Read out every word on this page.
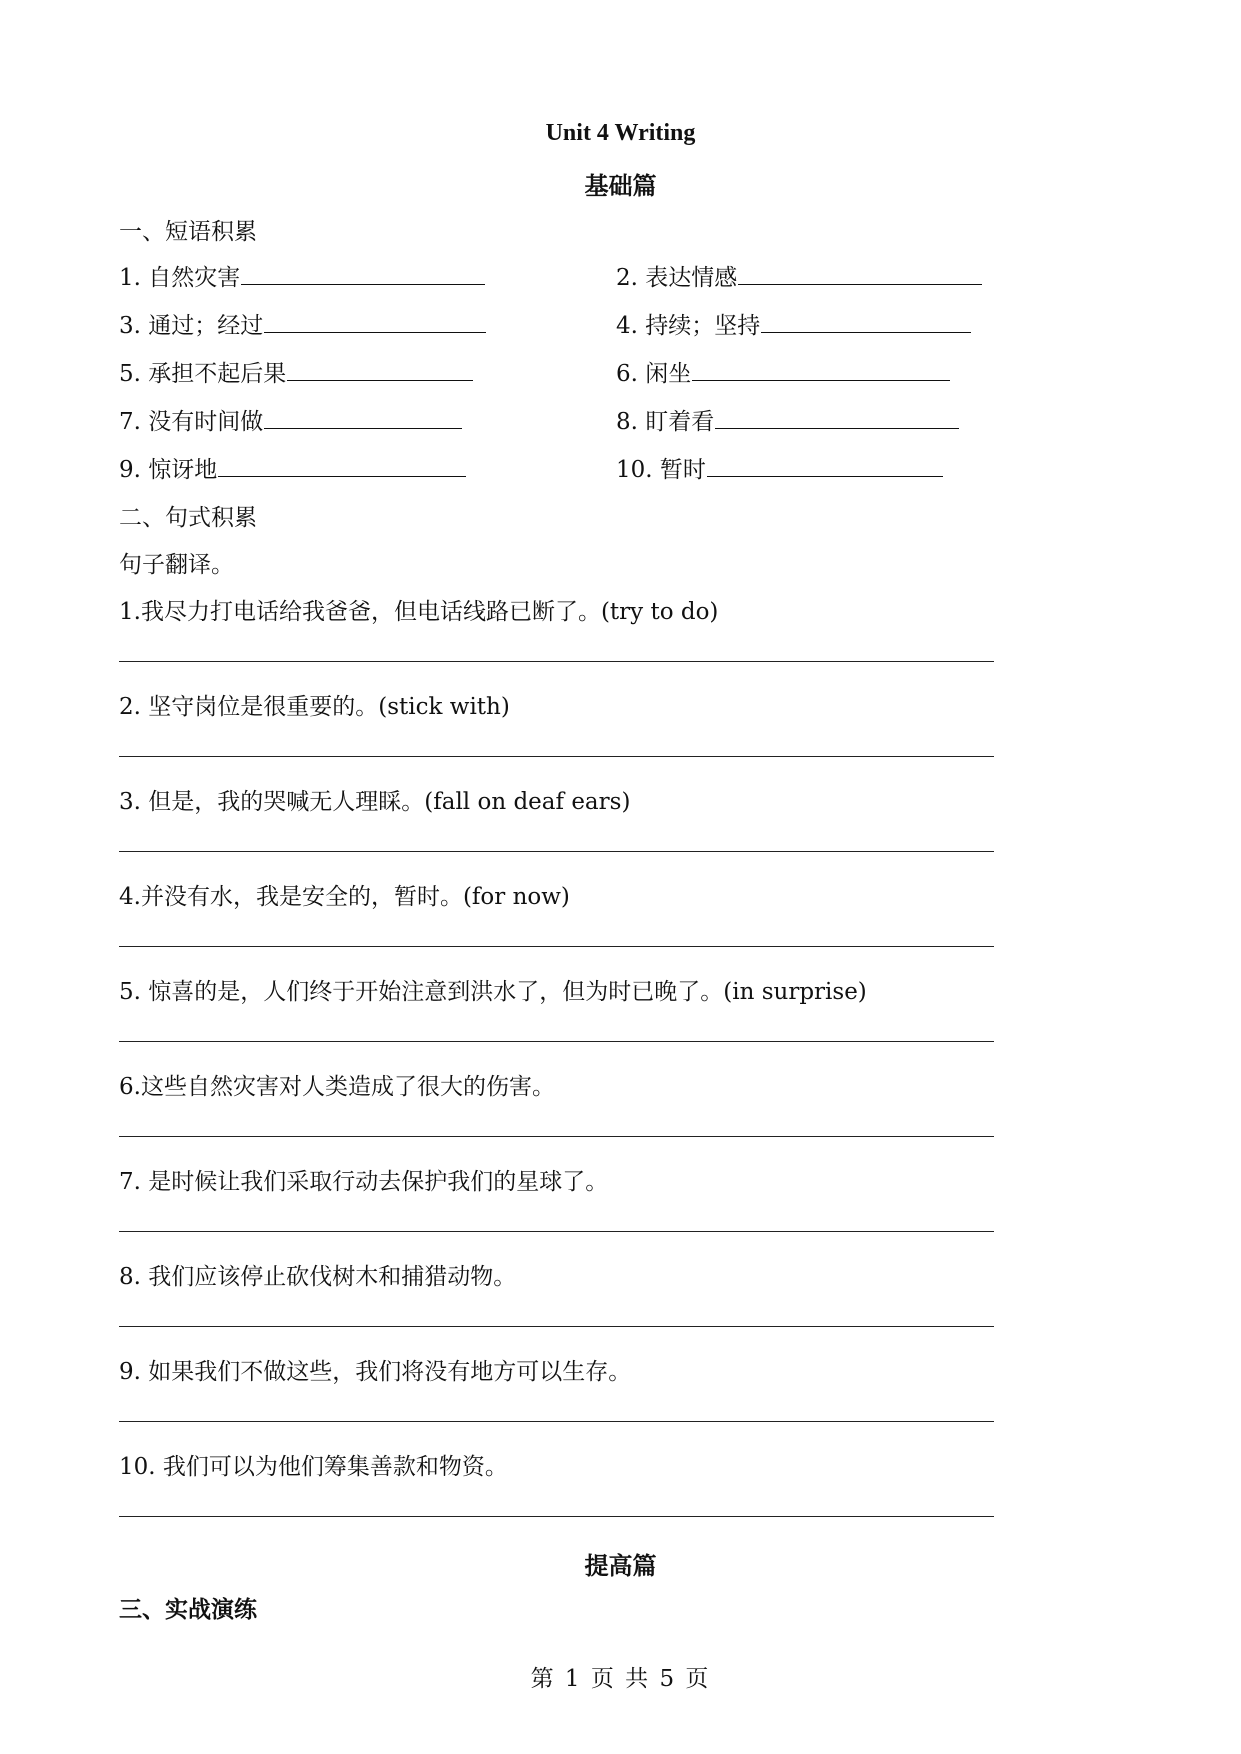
Unit 4 Writing
基础篇
一、短语积累
1. 自然灾害	2. 表达情感
3. 通过；经过	4. 持续；坚持
5. 承担不起后果	6. 闲坐
7. 没有时间做	8. 盯着看
9. 惊讶地	10. 暂时
二、句式积累
句子翻译。
1.我尽力打电话给我爸爸，但电话线路已断了。(try to do)
2. 坚守岗位是很重要的。(stick with)
3. 但是，我的哭喊无人理睬。(fall on deaf ears)
4.并没有水，我是安全的，暂时。(for now)
5. 惊喜的是，人们终于开始注意到洪水了，但为时已晚了。(in surprise)
6.这些自然灾害对人类造成了很大的伤害。
7. 是时候让我们采取行动去保护我们的星球了。
8. 我们应该停止砍伐树木和捕猎动物。
9. 如果我们不做这些，我们将没有地方可以生存。
10. 我们可以为他们筹集善款和物资。
提高篇
三、实战演练
第 1 页 共 5 页
